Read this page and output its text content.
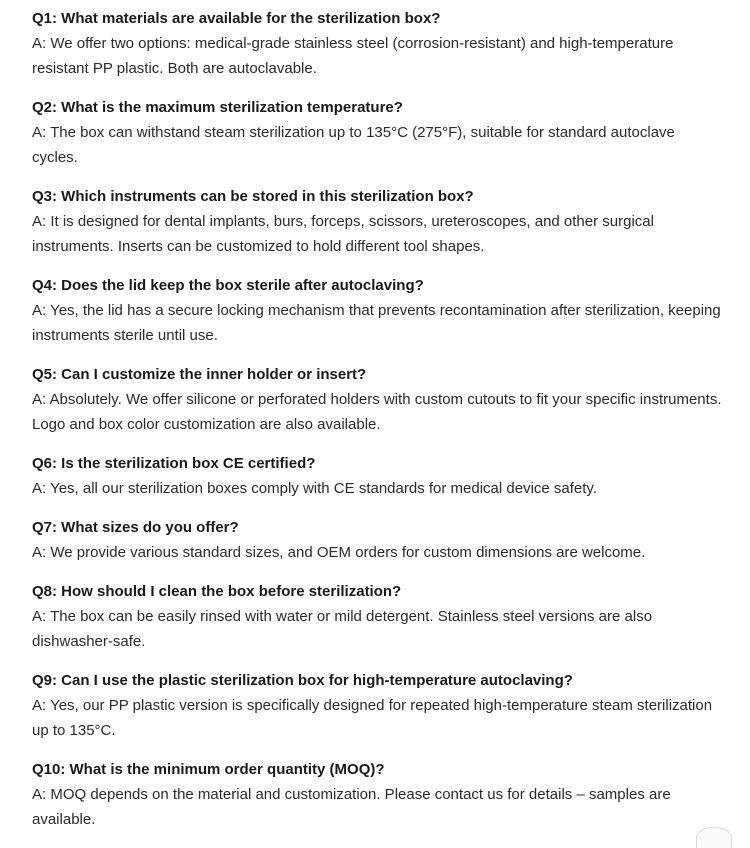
Q1: What materials are available for the sterilization box?

A: We offer two options: medical-grade stainless steel (corrosion-resistant) and high-temperature resistant PP plastic. Both are autoclavable.

Q2: What is the maximum sterilization temperature?

A: The box can withstand steam sterilization up to 135°C (275°F), suitable for standard autoclave cycles.

Q3: Which instruments can be stored in this sterilization box?

A: It is designed for dental implants, burs, forceps, scissors, ureteroscopes, and other surgical instruments. Inserts can be customized to hold different tool shapes.

Q4: Does the lid keep the box sterile after autoclaving?

A: Yes, the lid has a secure locking mechanism that prevents recontamination after sterilization, keeping instruments sterile until use.

Q5: Can I customize the inner holder or insert?

A: Absolutely. We offer silicone or perforated holders with custom cutouts to fit your specific instruments. Logo and box color customization are also available.

Q6: Is the sterilization box CE certified?

A: Yes, all our sterilization boxes comply with CE standards for medical device safety.

Q7: What sizes do you offer?

A: We provide various standard sizes, and OEM orders for custom dimensions are welcome.

Q8: How should I clean the box before sterilization?

A: The box can be easily rinsed with water or mild detergent. Stainless steel versions are also dishwasher-safe.

Q9: Can I use the plastic sterilization box for high-temperature autoclaving?

A: Yes, our PP plastic version is specifically designed for repeated high-temperature steam sterilization up to 135°C.

Q10: What is the minimum order quantity (MOQ)?

A: MOQ depends on the material and customization. Please contact us for details – samples are available.
